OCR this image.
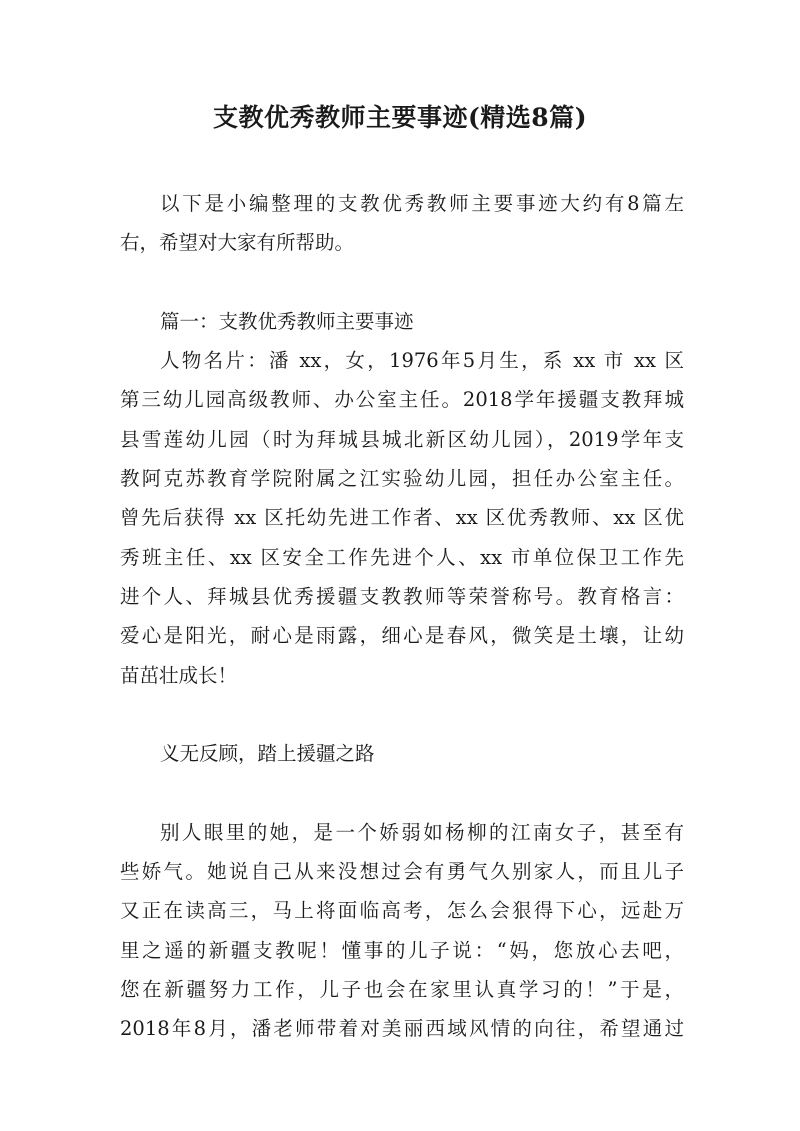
支教优秀教师主要事迹(精选8篇)
以下是小编整理的支教优秀教师主要事迹大约有8篇左
右，希望对大家有所帮助。
篇一：支教优秀教师主要事迹
人物名片：潘 xx，女，1976年5月生，系 xx 市 xx 区
第三幼儿园高级教师、办公室主任。2018学年援疆支教拜城
县雪莲幼儿园（时为拜城县城北新区幼儿园），2019学年支
教阿克苏教育学院附属之江实验幼儿园，担任办公室主任。
曾先后获得 xx 区托幼先进工作者、xx 区优秀教师、xx 区优
秀班主任、xx 区安全工作先进个人、xx 市单位保卫工作先
进个人、拜城县优秀援疆支教教师等荣誉称号。教育格言：
爱心是阳光，耐心是雨露，细心是春风，微笑是土壤，让幼
苗茁壮成长！
义无反顾，踏上援疆之路
别人眼里的她，是一个娇弱如杨柳的江南女子，甚至有
些娇气。她说自己从来没想过会有勇气久别家人，而且儿子
又正在读高三，马上将面临高考，怎么会狠得下心，远赴万
里之遥的新疆支教呢！懂事的儿子说：“妈，您放心去吧，
您在新疆努力工作，儿子也会在家里认真学习的！”于是，
2018年8月，潘老师带着对美丽西域风情的向往，希望通过
